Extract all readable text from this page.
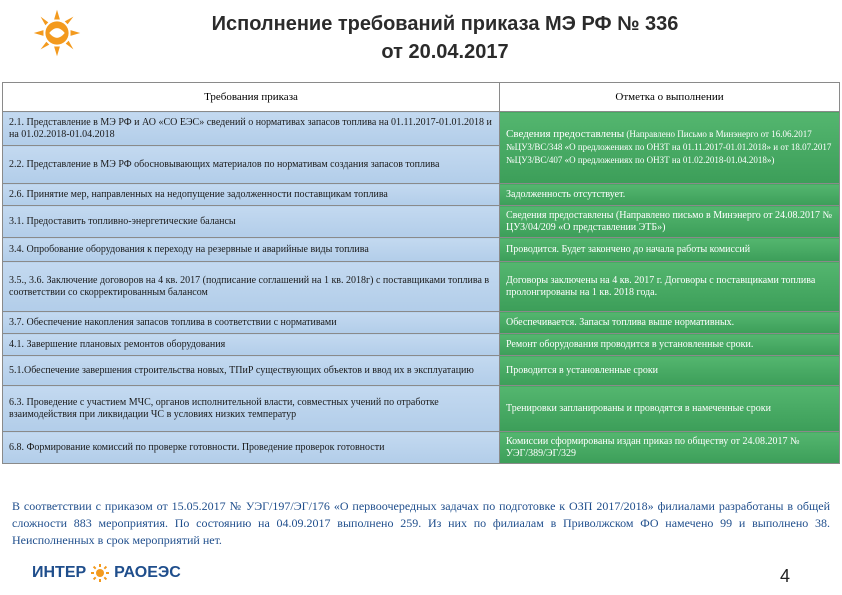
Исполнение требований приказа МЭ РФ № 336
от 20.04.2017
Требования приказа	Отметка о выполнении
2.1. Представление в МЭ РФ и АО «СО ЕЭС» сведений о нормативах запасов топлива на 01.11.2017-01.01.2018 и на 01.02.2018-01.04.2018	Сведения предоставлены (Направлено Письмо в Минэнерго от 16.06.2017 №ЦУЗ/ВС/348 «О предложениях по ОНЗТ на 01.11.2017-01.01.2018» и от 18.07.2017 №ЦУЗ/ВС/407 «О предложениях по ОНЗТ на 01.02.2018-01.04.2018»)
2.2. Представление в МЭ РФ обосновывающих материалов по нормативам создания запасов топлива	
2.6. Принятие мер, направленных на недопущение задолженности поставщикам топлива	Задолженность отсутствует.
3.1. Предоставить топливно-энергетические балансы	Сведения предоставлены (Направлено письмо в Минэнерго от 24.08.2017 № ЦУЗ/04/209 «О представлении ЭТБ»)
3.4. Опробование оборудования к переходу на резервные и аварийные виды топлива	Проводится. Будет закончено до начала работы комиссий
3.5., 3.6. Заключение договоров на 4 кв. 2017 (подписание соглашений на 1 кв. 2018г) с поставщиками топлива в соответствии со скорректированным балансом	Договоры заключены на 4 кв. 2017 г. Договоры с поставщиками топлива пролонгированы на 1 кв. 2018 года.
3.7. Обеспечение накопления запасов топлива в соответствии с нормативами	Обеспечивается. Запасы топлива выше нормативных.
4.1. Завершение плановых ремонтов оборудования	Ремонт оборудования проводится в установленные сроки.
5.1.Обеспечение завершения строительства новых, ТПиР существующих объектов и ввод их в эксплуатацию	Проводится в установленные сроки
6.3. Проведение с участием МЧС, органов исполнительной власти, совместных учений по отработке взаимодействия при ликвидации ЧС в условиях низких температур	Тренировки запланированы и проводятся в намеченные сроки
6.8. Формирование комиссий по проверке готовности. Проведение проверок готовности	Комиссии сформированы издан приказ по обществу от 24.08.2017 № УЭГ/389/ЭГ/329
В соответствии с приказом от 15.05.2017 № УЭГ/197/ЭГ/176 «О первоочередных задачах по подготовке к ОЗП 2017/2018» филиалами разработаны в общей сложности 883 мероприятия. По состоянию на 04.09.2017 выполнено 259. Из них по филиалам в Приволжском ФО намечено 99 и выполнено 38. Неисполненных в срок мероприятий нет.
ИНТЕР РАОЕЭС	4
